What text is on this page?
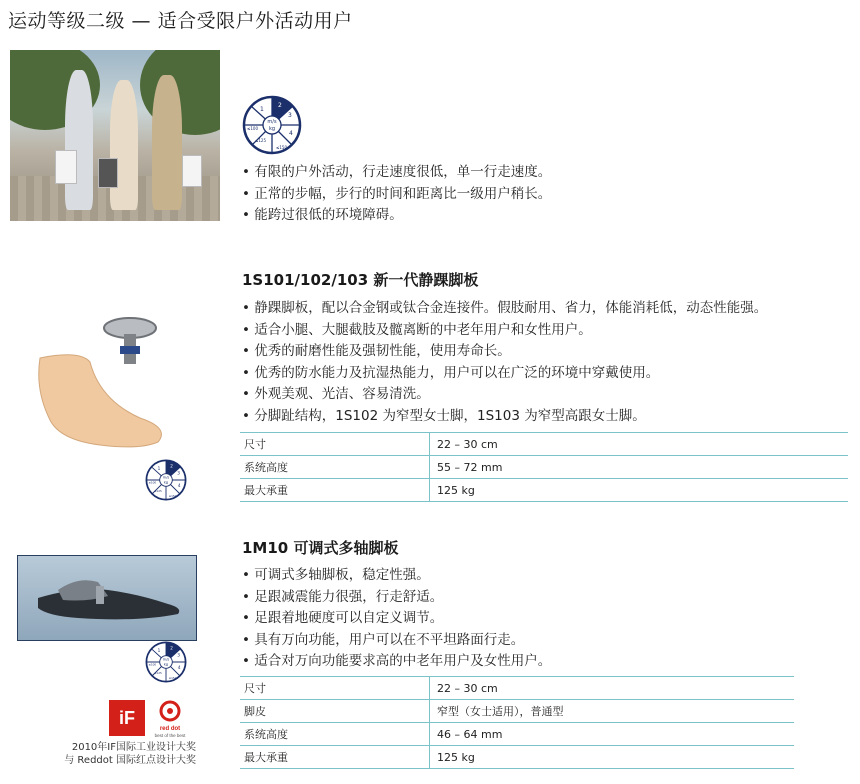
运动等级二级 — 适合受限户外活动用户
• 有限的户外活动，行走速度很低，单一行走速度。
• 正常的步幅，步行的时间和距离比一级用户稍长。
• 能跨过很低的环境障碍。
1S101/102/103 新一代静踝脚板
• 静踝脚板，配以合金钢或钛合金连接件。假肢耐用、省力，体能消耗低，动态性能强。
• 适合小腿、大腿截肢及髋离断的中老年用户和女性用户。
• 优秀的耐磨性能及强韧性能，使用寿命长。
• 优秀的防水能力及抗湿热能力，用户可以在广泛的环境中穿戴使用。
• 外观美观、光洁、容易清洗。
• 分脚趾结构，1S102 为窄型女士脚，1S103 为窄型高跟女士脚。
尺寸	22 – 30 cm
系统高度	55 – 72 mm
最大承重	125 kg
1M10 可调式多轴脚板
• 可调式多轴脚板，稳定性强。
• 足跟减震能力很强，行走舒适。
• 足跟着地硬度可以自定义调节。
• 具有万向功能，用户可以在不平坦路面行走。
• 适合对万向功能要求高的中老年用户及女性用户。
尺寸	22 – 30 cm
脚皮	窄型（女士适用），普通型
系统高度	46 – 64 mm
最大承重	125 kg
iF
red dot
best of the best
2010年IF国际工业设计大奖
与 Reddot 国际红点设计大奖
